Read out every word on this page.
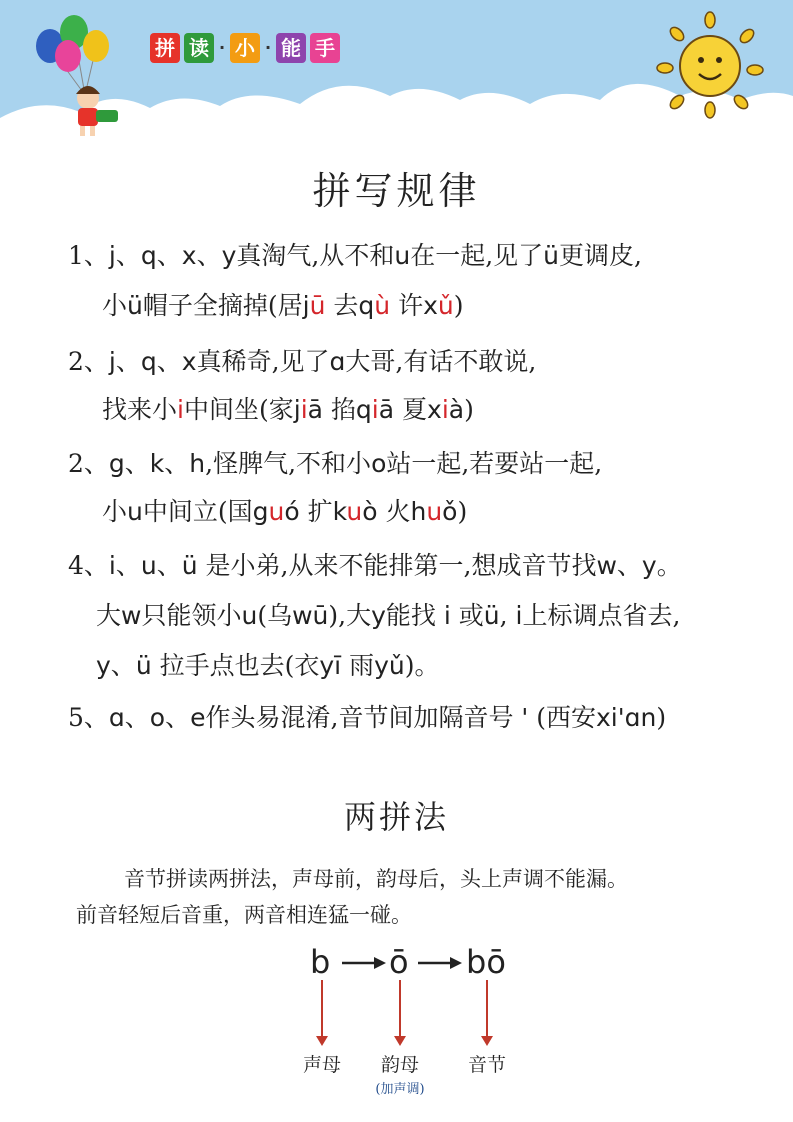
拼 读 · 小 · 能 手
拼写规律
1、j、q、x、y真淘气,从不和u在一起,见了ü更调皮,
小ü帽子全摘掉(居jū 去qù 许xǔ)
2、j、q、x真稀奇,见了ɑ大哥,有话不敢说,
找来小i中间坐(家jiā 掐qiā 夏xià)
2、g、k、h,怪脾气,不和小o站一起,若要站一起,
小u中间立(国guó 扩kuò 火huǒ)
4、i、u、ü 是小弟,从来不能排第一,想成音节找w、y。
大w只能领小u(乌wū),大y能找 i 或ü, i上标调点省去,
y、ü 拉手点也去(衣yī 雨yǔ)。
5、ɑ、o、e作头易混淆,音节间加隔音号 ' (西安xi'ɑn)
两拼法
音节拼读两拼法，声母前，韵母后，头上声调不能漏。
前音轻短后音重，两音相连猛一碰。
b ō bō
声母	韵母
(加声调)
音节
